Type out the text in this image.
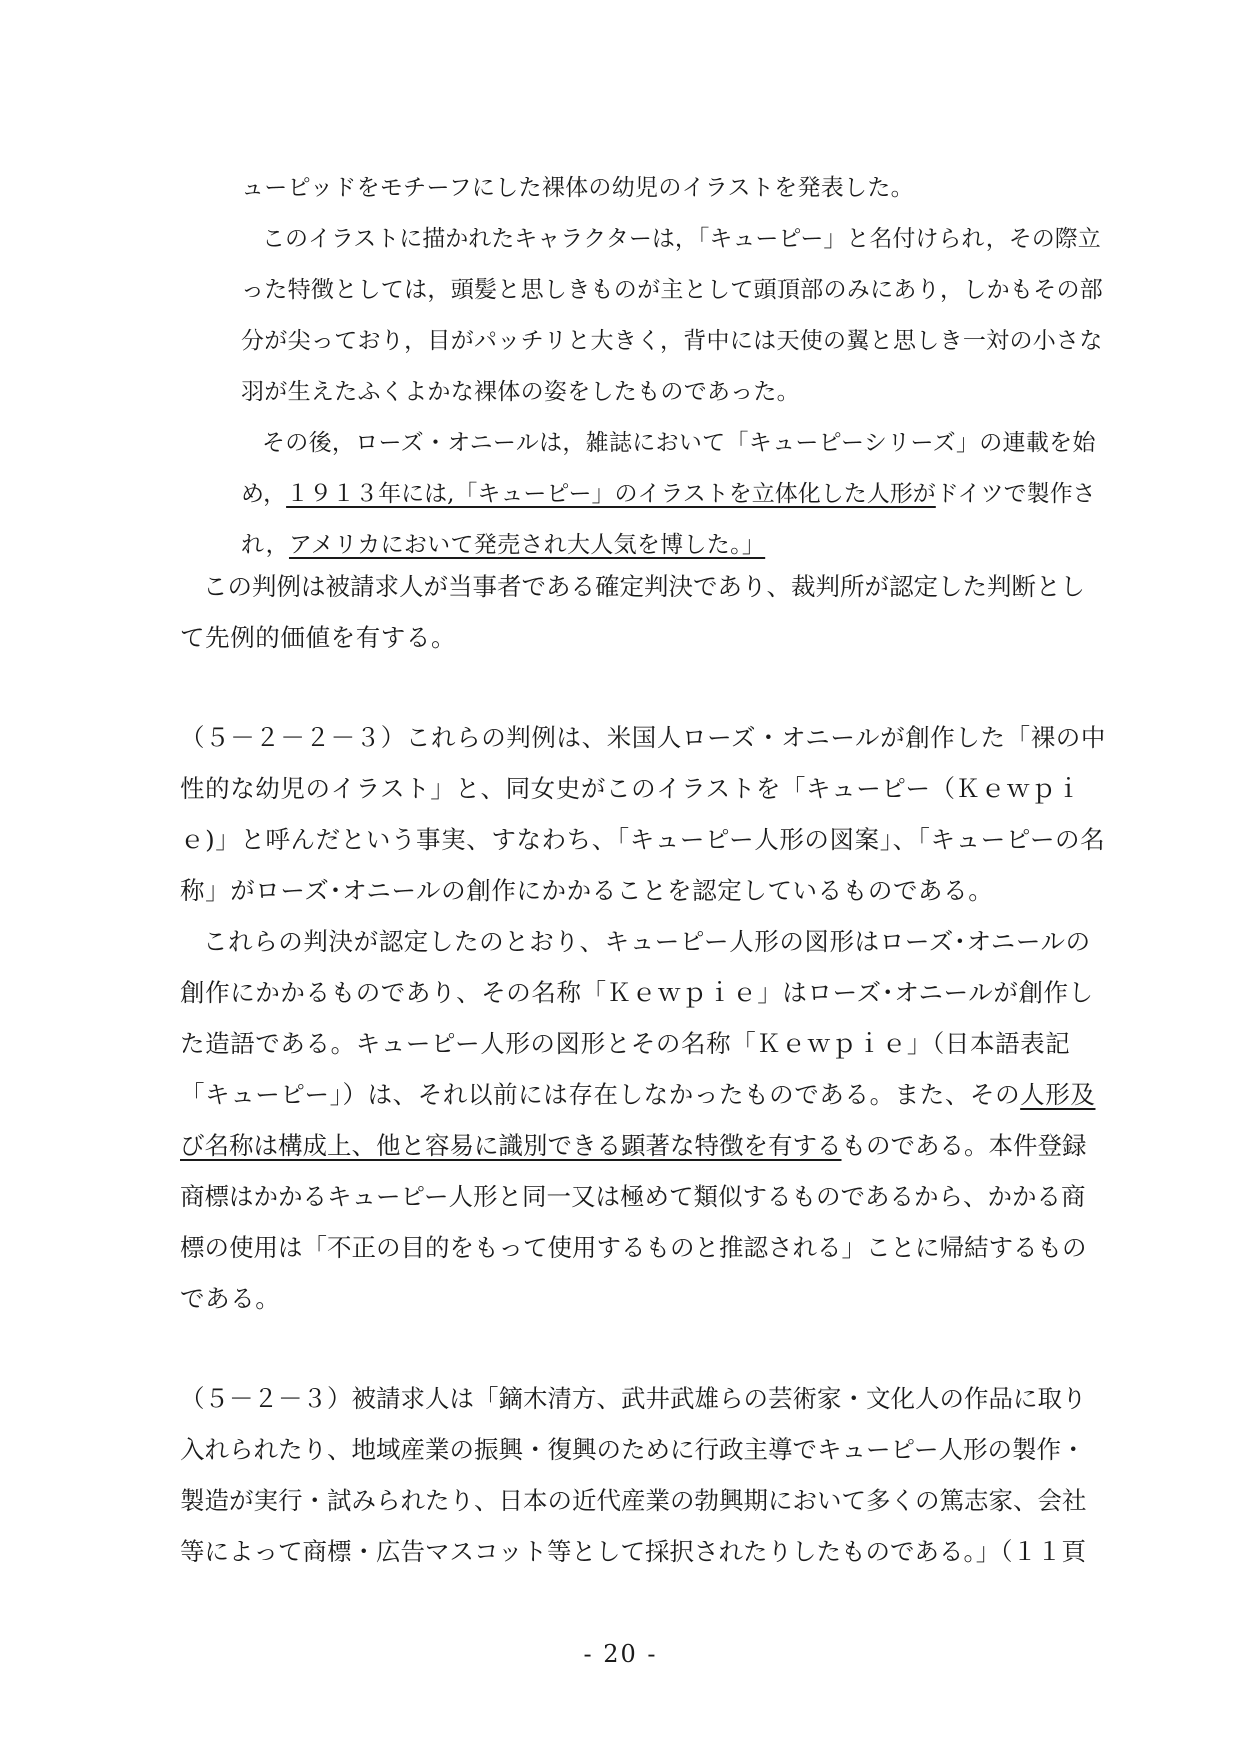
ューピッドをモチーフにした裸体の幼児のイラストを発表した。
このイラストに描かれたキャラクターは，「キューピー」と名付けられ，その際立
った特徴としては，頭髪と思しきものが主として頭頂部のみにあり，しかもその部
分が尖っており，目がパッチリと大きく，背中には天使の翼と思しき一対の小さな
羽が生えたふくよかな裸体の姿をしたものであった。
その後，ローズ・オニールは，雑誌において「キューピーシリーズ」の連載を始
め，１９１３年には,「キューピー」のイラストを立体化した人形がドイツで製作さ
れ，アメリカにおいて発売され大人気を博した。」
この判例は被請求人が当事者である確定判決であり、裁判所が認定した判断とし
て先例的価値を有する。
（５－２－２－３）これらの判例は、米国人ローズ・オニールが創作した「裸の中
性的な幼児のイラスト」と、同女史がこのイラストを「キューピー（Ｋｅｗｐｉ
ｅ)」と呼んだという事実、すなわち、「キューピー人形の図案」、「キューピーの名
称」がローズ･オニールの創作にかかることを認定しているものである。
これらの判決が認定したのとおり、キューピー人形の図形はローズ･オニールの
創作にかかるものであり、その名称「Ｋｅｗｐｉｅ」はローズ･オニールが創作し
た造語である。キューピー人形の図形とその名称「Ｋｅｗｐｉｅ」（日本語表記
「キューピー」）は、それ以前には存在しなかったものである。また、その人形及
び名称は構成上、他と容易に識別できる顕著な特徴を有するものである。本件登録
商標はかかるキューピー人形と同一又は極めて類似するものであるから、かかる商
標の使用は「不正の目的をもって使用するものと推認される」ことに帰結するもの
である。
（５－２－３）被請求人は「鏑木清方、武井武雄らの芸術家・文化人の作品に取り
入れられたり、地域産業の振興・復興のために行政主導でキューピー人形の製作・
製造が実行・試みられたり、日本の近代産業の勃興期において多くの篤志家、会社
等によって商標・広告マスコット等として採択されたりしたものである。」（１１頁
- 20 -
